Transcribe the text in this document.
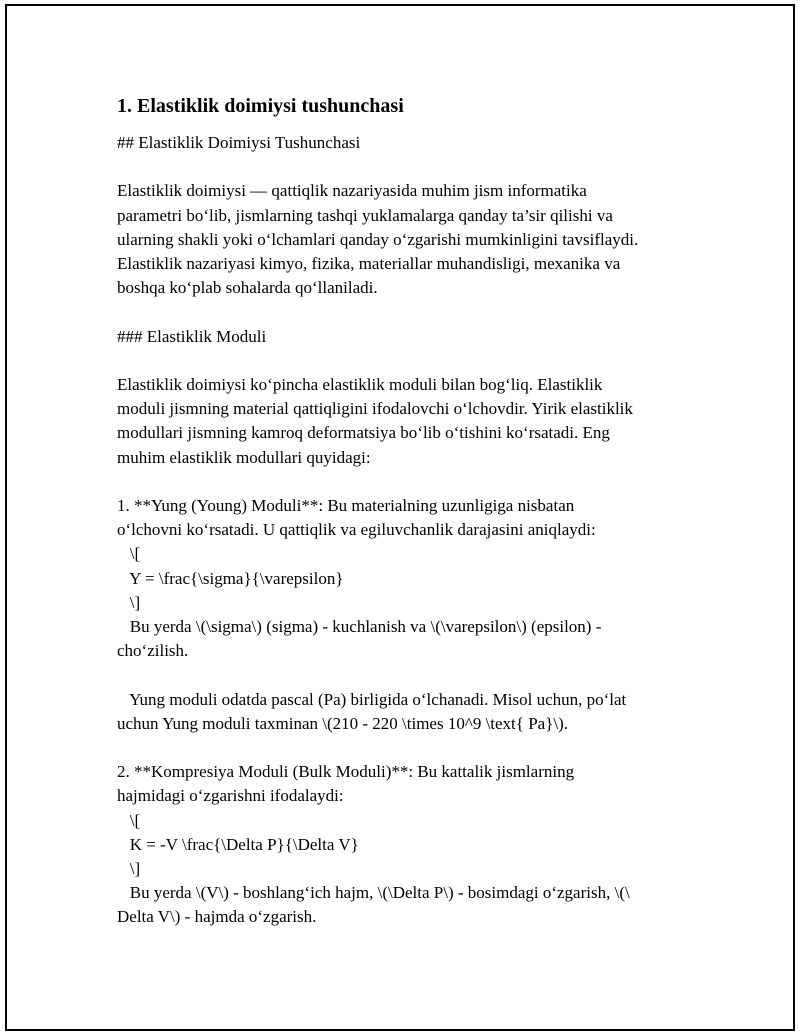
1. Elastiklik doimiysi tushunchasi
## Elastiklik Doimiysi Tushunchasi
Elastiklik doimiysi — qattiqlik nazariyasida muhim jism informatika
parametri bo‘lib, jismlarning tashqi yuklamalarga qanday ta’sir qilishi va
ularning shakli yoki o‘lchamlari qanday o‘zgarishi mumkinligini tavsiflaydi.
Elastiklik nazariyasi kimyo, fizika, materiallar muhandisligi, mexanika va
boshqa ko‘plab sohalarda qo‘llaniladi.
### Elastiklik Moduli
Elastiklik doimiysi ko‘pincha elastiklik moduli bilan bog‘liq. Elastiklik
moduli jismning material qattiqligini ifodalovchi o‘lchovdir. Yirik elastiklik
modullari jismning kamroq deformatsiya bo‘lib o‘tishini ko‘rsatadi. Eng
muhim elastiklik modullari quyidagi:
1. **Yung (Young) Moduli**: Bu materialning uzunligiga nisbatan
o‘lchovni ko‘rsatadi. U qattiqlik va egiluvchanlik darajasini aniqlaydi:
\[
Y = \frac{\sigma}{\varepsilon}
\]
Bu yerda \(\sigma\) (sigma) - kuchlanish va \(\varepsilon\) (epsilon) -
cho‘zilish.
Yung moduli odatda pascal (Pa) birligida o‘lchanadi. Misol uchun, po‘lat
uchun Yung moduli taxminan \(210 - 220 \times 10^9 \text{ Pa}\).
2. **Kompresiya Moduli (Bulk Moduli)**: Bu kattalik jismlarning
hajmidagi o‘zgarishni ifodalaydi:
\[
K = -V \frac{\Delta P}{\Delta V}
\]
Bu yerda \(V\) - boshlang‘ich hajm, \(\Delta P\) - bosimdagi o‘zgarish, \(\
Delta V\) - hajmda o‘zgarish.
